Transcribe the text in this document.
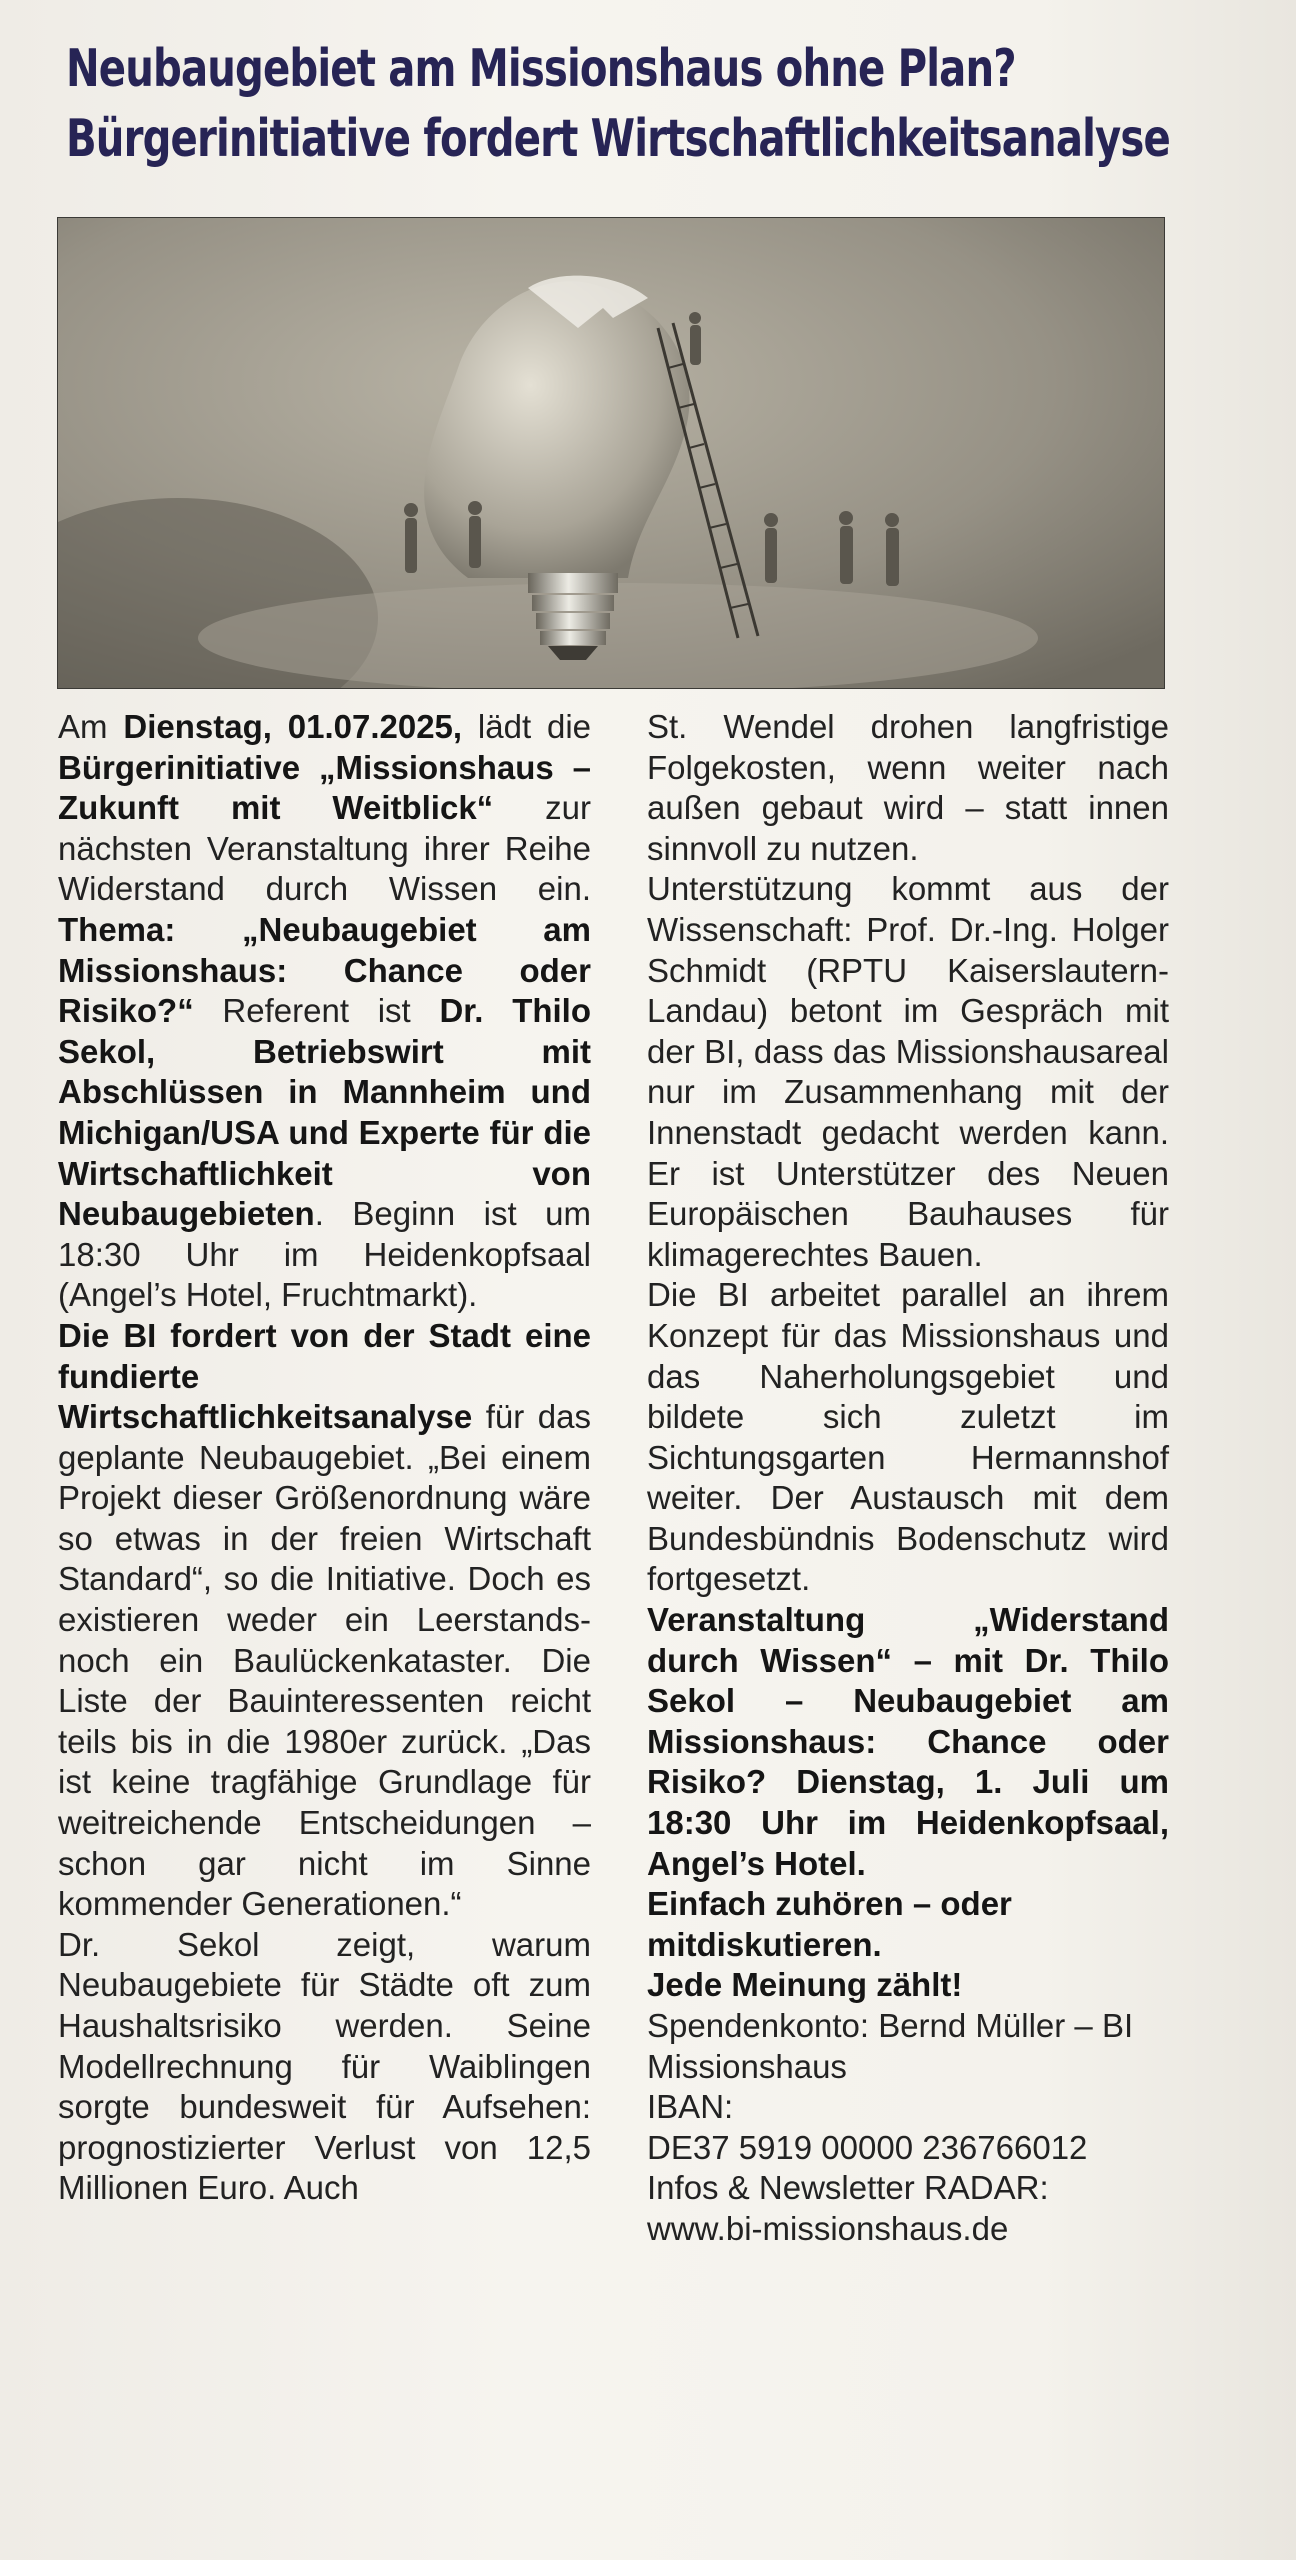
Neubaugebiet am Missionshaus ohne Plan?
Bürgerinitiative fordert Wirtschaftlichkeitsanalyse

Am Dienstag, 01.07.2025, lädt die Bürgerinitiative „Missionshaus – Zukunft mit Weitblick“ zur nächsten Veranstaltung ihrer Reihe Widerstand durch Wissen ein. Thema: „Neubaugebiet am Missionshaus: Chance oder Risiko?“ Referent ist Dr. Thilo Sekol, Betriebswirt mit Abschlüssen in Mannheim und Michigan/USA und Experte für die Wirtschaftlichkeit von Neubaugebieten. Beginn ist um 18:30 Uhr im Heidenkopfsaal (Angel’s Hotel, Fruchtmarkt).

Die BI fordert von der Stadt eine fundierte Wirtschaftlichkeitsanalyse für das geplante Neubaugebiet. „Bei einem Projekt dieser Größenordnung wäre so etwas in der freien Wirtschaft Standard“, so die Initiative. Doch es existieren weder ein Leerstands- noch ein Baulückenkataster. Die Liste der Bauinteressenten reicht teils bis in die 1980er zurück. „Das ist keine tragfähige Grundlage für weitreichende Entscheidungen – schon gar nicht im Sinne kommender Generationen.“

Dr. Sekol zeigt, warum Neubaugebiete für Städte oft zum Haushaltsrisiko werden. Seine Modellrechnung für Waiblingen sorgte bundesweit für Aufsehen: prognostizierter Verlust von 12,5 Millionen Euro. Auch

St. Wendel drohen langfristige Folgekosten, wenn weiter nach außen gebaut wird – statt innen sinnvoll zu nutzen.

Unterstützung kommt aus der Wissenschaft: Prof. Dr.-Ing. Holger Schmidt (RPTU Kaiserslautern-Landau) betont im Gespräch mit der BI, dass das Missionshausareal nur im Zusammenhang mit der Innenstadt gedacht werden kann. Er ist Unterstützer des Neuen Europäischen Bauhauses für klimagerechtes Bauen.

Die BI arbeitet parallel an ihrem Konzept für das Missionshaus und das Naherholungsgebiet und bildete sich zuletzt im Sichtungsgarten Hermannshof weiter. Der Austausch mit dem Bundesbündnis Bodenschutz wird fortgesetzt.

Veranstaltung „Widerstand durch Wissen“ – mit Dr. Thilo Sekol – Neubaugebiet am Missionshaus: Chance oder Risiko? Dienstag, 1. Juli um 18:30 Uhr im Heidenkopfsaal, Angel’s Hotel.

Einfach zuhören – oder mitdiskutieren.

Jede Meinung zählt!

Spendenkonto: Bernd Müller – BI Missionshaus

IBAN:

DE37 5919 00000 236766012

Infos & Newsletter RADAR:

www.bi-missionshaus.de
